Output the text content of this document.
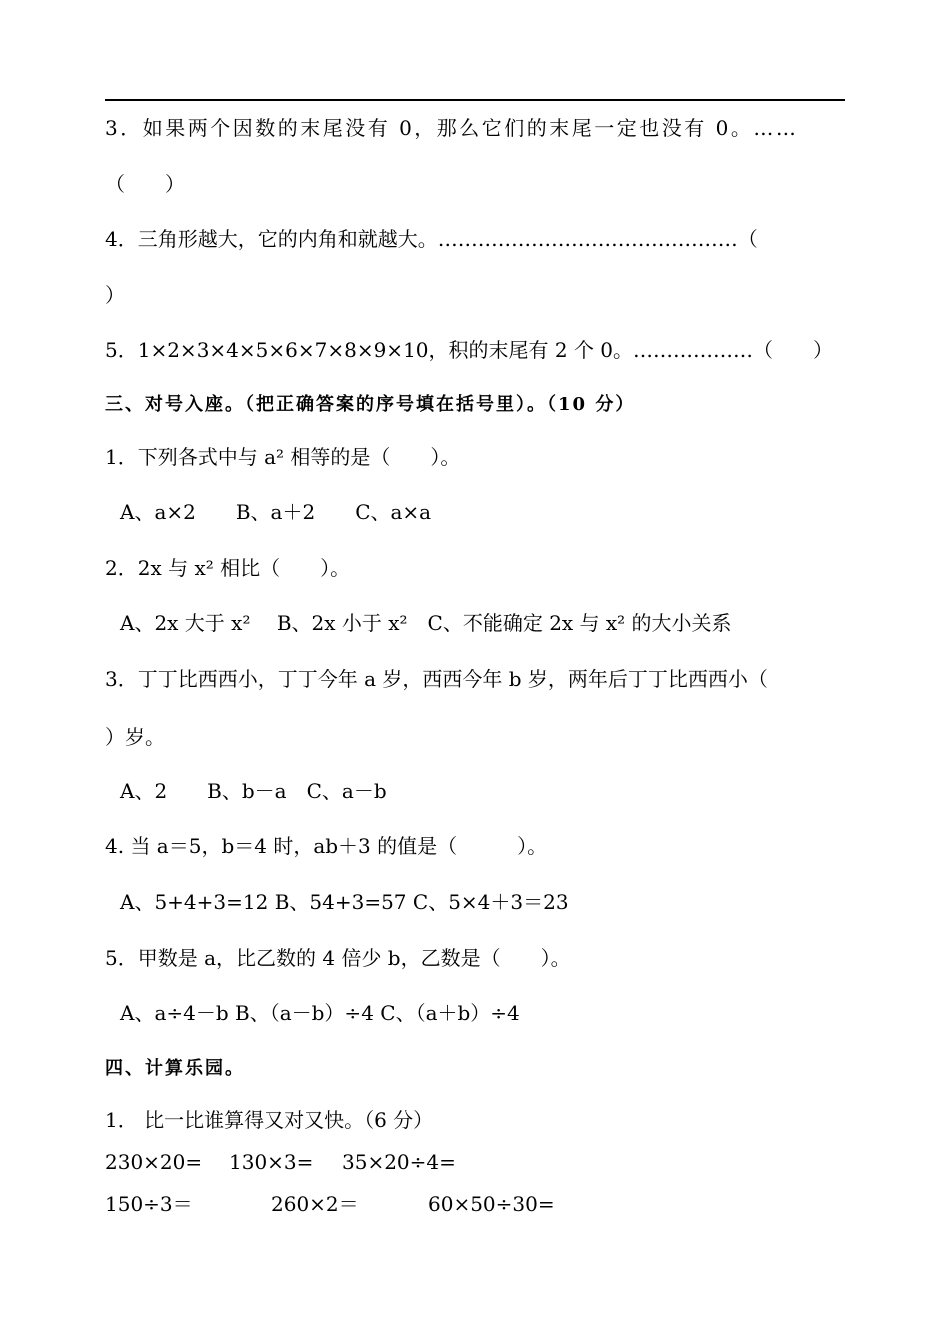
3．如果两个因数的末尾没有 0，那么它们的末尾一定也没有 0。……
（　　）
4．三角形越大，它的内角和就越大。………………………………………（
）
5．1×2×3×4×5×6×7×8×9×10，积的末尾有 2 个 0。………………（　　）
三、对号入座。（把正确答案的序号填在括号里）。（10 分）
1．下列各式中与 a² 相等的是（　　）。
A、a×2　　B、a＋2　　C、a×a
2．2x 与 x² 相比（　　）。
A、2x 大于 x²　 B、2x 小于 x²　C、不能确定 2x 与 x² 的大小关系
3．丁丁比西西小，丁丁今年 a 岁，西西今年 b 岁，两年后丁丁比西西小（
）岁。
A、2　　B、b－a　C、a－b
4. 当 a＝5，b＝4 时，ab＋3 的值是（　　　）。
A、5+4+3=12 B、54+3=57 C、5×4＋3＝23
5．甲数是 a，比乙数的 4 倍少 b，乙数是（　　）。
A、a÷4－b B、（a－b）÷4 C、（a＋b）÷4
四、计算乐园。
1． 比一比谁算得又对又快。（6 分）
230×20= 130×3= 35×20÷4=
150÷3＝	260×2＝	60×50÷30=
